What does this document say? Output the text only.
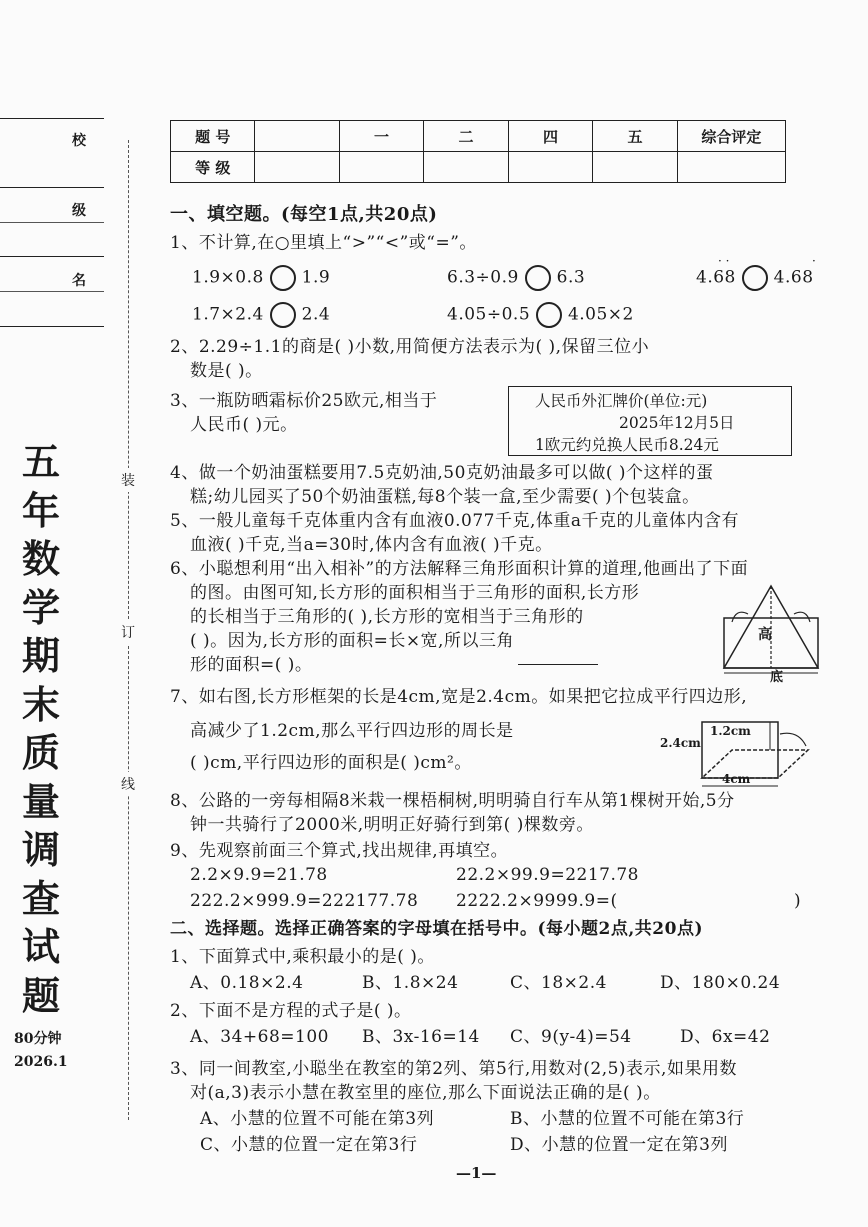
校
级
名
五
年
数
学
期
末
质
量
调
查
试
题
80分钟
2026.1
装
订
线
题 号		一	二	四	五	综合评定
等 级						
一、填空题。(每空1点,共20点)
1、不计算,在○里填上“>”“<”或“=”。
1.9×0.8 1.9	6.3÷0.9 6.3	4.68 4.68
· ·	·
1.7×2.4 2.4	4.05÷0.5 4.05×2
2、2.29÷1.1的商是( )小数,用简便方法表示为( ),保留三位小
数是( )。
3、一瓶防晒霜标价25欧元,相当于
人民币( )元。
人民币外汇牌价(单位:元)
2025年12月5日
1欧元约兑换人民币8.24元
4、做一个奶油蛋糕要用7.5克奶油,50克奶油最多可以做( )个这样的蛋
糕;幼儿园买了50个奶油蛋糕,每8个装一盒,至少需要( )个包装盒。
5、一般儿童每千克体重内含有血液0.077千克,体重a千克的儿童体内含有
血液( )千克,当a=30时,体内含有血液( )千克。
6、小聪想利用“出入相补”的方法解释三角形面积计算的道理,他画出了下面
的图。由图可知,长方形的面积相当于三角形的面积,长方形
的长相当于三角形的( ),长方形的宽相当于三角形的
( )。因为,长方形的面积=长×宽,所以三角
形的面积=( )。
高
底
7、如右图,长方形框架的长是4cm,宽是2.4cm。如果把它拉成平行四边形,
高减少了1.2cm,那么平行四边形的周长是
( )cm,平行四边形的面积是( )cm²。
1.2cm
2.4cm
4cm
8、公路的一旁每相隔8米栽一棵梧桐树,明明骑自行车从第1棵树开始,5分
钟一共骑行了2000米,明明正好骑行到第( )棵数旁。
9、先观察前面三个算式,找出规律,再填空。
2.2×9.9=21.78	22.2×99.9=2217.78
222.2×999.9=222177.78 2222.2×9999.9=(	)
二、选择题。选择正确答案的字母填在括号中。(每小题2点,共20点)
1、下面算式中,乘积最小的是( )。
A、0.18×2.4	B、1.8×24	C、18×2.4	D、180×0.24
2、下面不是方程的式子是( )。
A、34+68=100 B、3x-16=14 C、9(y-4)=54	D、6x=42
3、同一间教室,小聪坐在教室的第2列、第5行,用数对(2,5)表示,如果用数
对(a,3)表示小慧在教室里的座位,那么下面说法正确的是( )。
A、小慧的位置不可能在第3列	B、小慧的位置不可能在第3行
C、小慧的位置一定在第3行	D、小慧的位置一定在第3列
—1—
